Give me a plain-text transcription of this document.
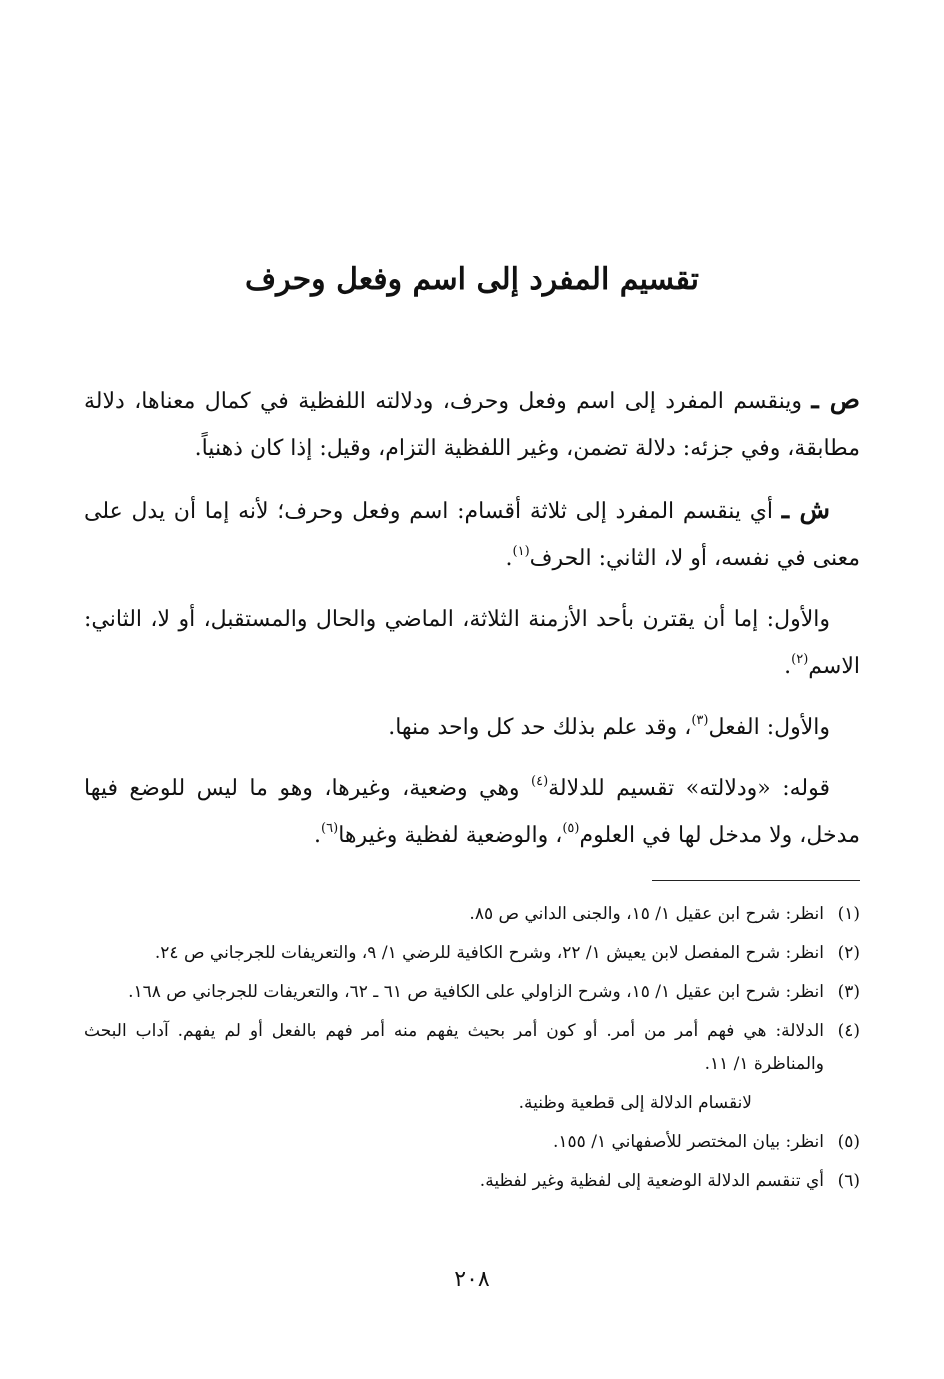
تقسيم المفرد إلى اسم وفعل وحرف

ص ـ وينقسم المفرد إلى اسم وفعل وحرف، ودلالته اللفظية في كمال معناها، دلالة مطابقة، وفي جزئه: دلالة تضمن، وغير اللفظية التزام، وقيل: إذا كان ذهنياً.

ش ـ أي ينقسم المفرد إلى ثلاثة أقسام: اسم وفعل وحرف؛ لأنه إما أن يدل على معنى في نفسه، أو لا، الثاني: الحرف$^{(١)}$.

والأول: إما أن يقترن بأحد الأزمنة الثلاثة، الماضي والحال والمستقبل، أو لا، الثاني: الاسم$^{(٢)}$.

والأول: الفعل$^{(٣)}$، وقد علم بذلك حد كل واحد منها.

قوله: «ودلالته» تقسيم للدلالة$^{(٤)}$ وهي وضعية، وغيرها، وهو ما ليس للوضع فيها مدخل، ولا مدخل لها في العلوم$^{(٥)}$، والوضعية لفظية وغيرها$^{(٦)}$.

(١)
انظر: شرح ابن عقيل ١/ ١٥، والجنى الداني ص ٨٥.
(٢)
انظر: شرح المفصل لابن يعيش ١/ ٢٢، وشرح الكافية للرضي ١/ ٩، والتعريفات للجرجاني ص ٢٤.
(٣)
انظر: شرح ابن عقيل ١/ ١٥، وشرح الزاولي على الكافية ص ٦١ ـ ٦٢، والتعريفات للجرجاني ص ١٦٨.
(٤)
الدلالة: هي فهم أمر من أمر. أو كون أمر بحيث يفهم منه أمر فهم بالفعل أو لم يفهم. آداب البحث والمناظرة ١/ ١١.
لانقسام الدلالة إلى قطعية وظنية.
(٥)
انظر: بيان المختصر للأصفهاني ١/ ١٥٥.
(٦)
أي تنقسم الدلالة الوضعية إلى لفظية وغير لفظية.
٢٠٨
